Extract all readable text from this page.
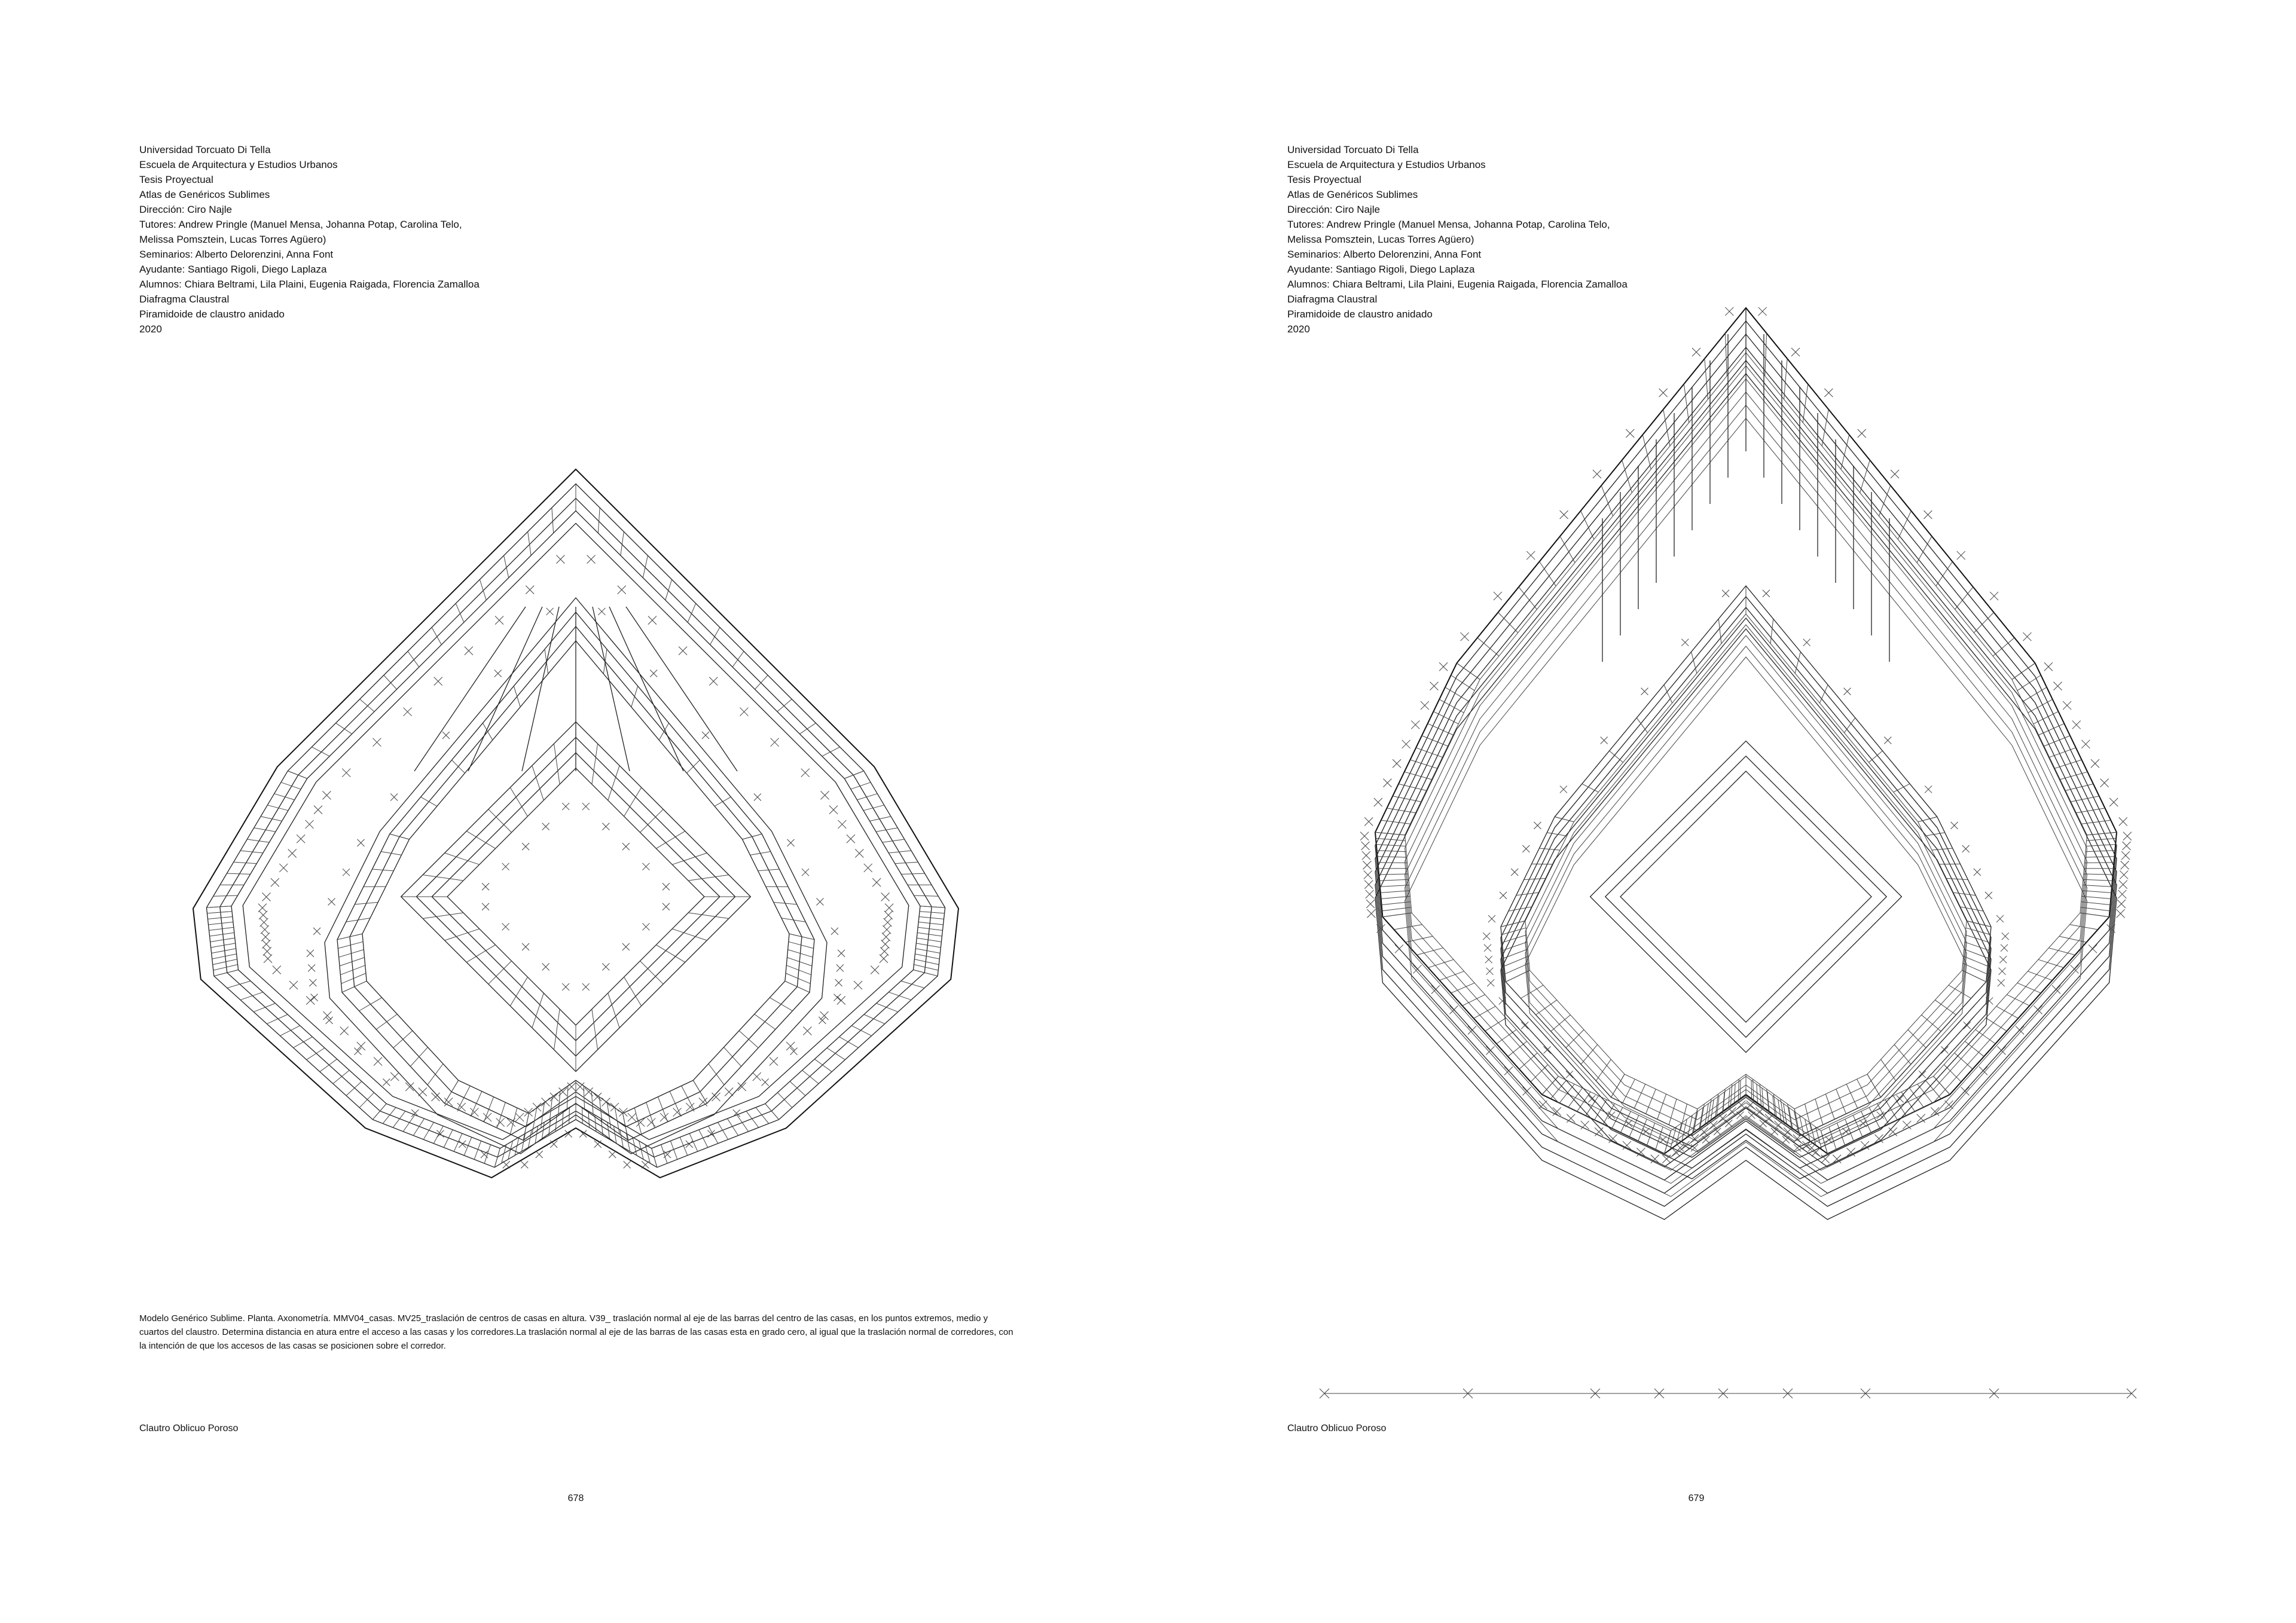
Universidad Torcuato Di Tella
Escuela de Arquitectura y Estudios Urbanos
Tesis Proyectual
Atlas de Genéricos Sublimes
Dirección: Ciro Najle
Tutores: Andrew Pringle (Manuel Mensa, Johanna Potap, Carolina Telo, Melissa Pomsztein, Lucas Torres Agüero)
Seminarios: Alberto Delorenzini, Anna Font
Ayudante: Santiago Rigoli, Diego Laplaza
Alumnos: Chiara Beltrami, Lila Plaini, Eugenia Raigada, Florencia Zamalloa
Diafragma Claustral
Piramidoide de claustro anidado
2020
Modelo Genérico Sublime. Planta. Axonometría. MMV04_casas. MV25_traslación de centros de casas en altura. V39_ traslación normal al eje de las barras del centro de las casas, en los puntos extremos, medio y cuartos del claustro. Determina distancia en atura entre el acceso a las casas y los corredores.La traslación normal al eje de las barras de las casas esta en grado cero, al igual que la traslación normal de corredores, con la intención de que los accesos de las casas se posicionen sobre el corredor.
Clautro Oblicuo Poroso
678
Universidad Torcuato Di Tella
Escuela de Arquitectura y Estudios Urbanos
Tesis Proyectual
Atlas de Genéricos Sublimes
Dirección: Ciro Najle
Tutores: Andrew Pringle (Manuel Mensa, Johanna Potap, Carolina Telo, Melissa Pomsztein, Lucas Torres Agüero)
Seminarios: Alberto Delorenzini, Anna Font
Ayudante: Santiago Rigoli, Diego Laplaza
Alumnos: Chiara Beltrami, Lila Plaini, Eugenia Raigada, Florencia Zamalloa
Diafragma Claustral
Piramidoide de claustro anidado
2020
Clautro Oblicuo Poroso
679
